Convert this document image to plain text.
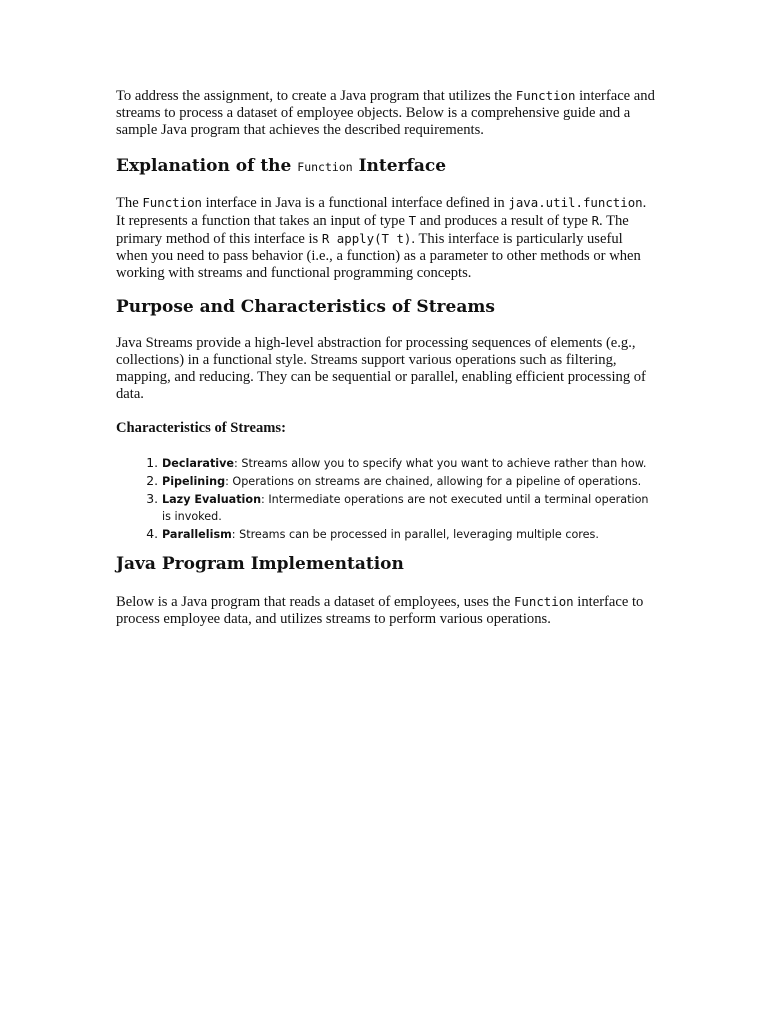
To address the assignment, to create a Java program that utilizes the Function interface and streams to process a dataset of employee objects. Below is a comprehensive guide and a sample Java program that achieves the described requirements.

Explanation of the Function Interface

The Function interface in Java is a functional interface defined in java.util.function. It represents a function that takes an input of type T and produces a result of type R. The primary method of this interface is R apply(T t). This interface is particularly useful when you need to pass behavior (i.e., a function) as a parameter to other methods or when working with streams and functional programming concepts.

Purpose and Characteristics of Streams

Java Streams provide a high-level abstraction for processing sequences of elements (e.g., collections) in a functional style. Streams support various operations such as filtering, mapping, and reducing. They can be sequential or parallel, enabling efficient processing of data.

Characteristics of Streams:
1. Declarative: Streams allow you to specify what you want to achieve rather than how.
2. Pipelining: Operations on streams are chained, allowing for a pipeline of operations.
3. Lazy Evaluation: Intermediate operations are not executed until a terminal operation is invoked.
4. Parallelism: Streams can be processed in parallel, leveraging multiple cores.
Java Program Implementation

Below is a Java program that reads a dataset of employees, uses the Function interface to process employee data, and utilizes streams to perform various operations.
